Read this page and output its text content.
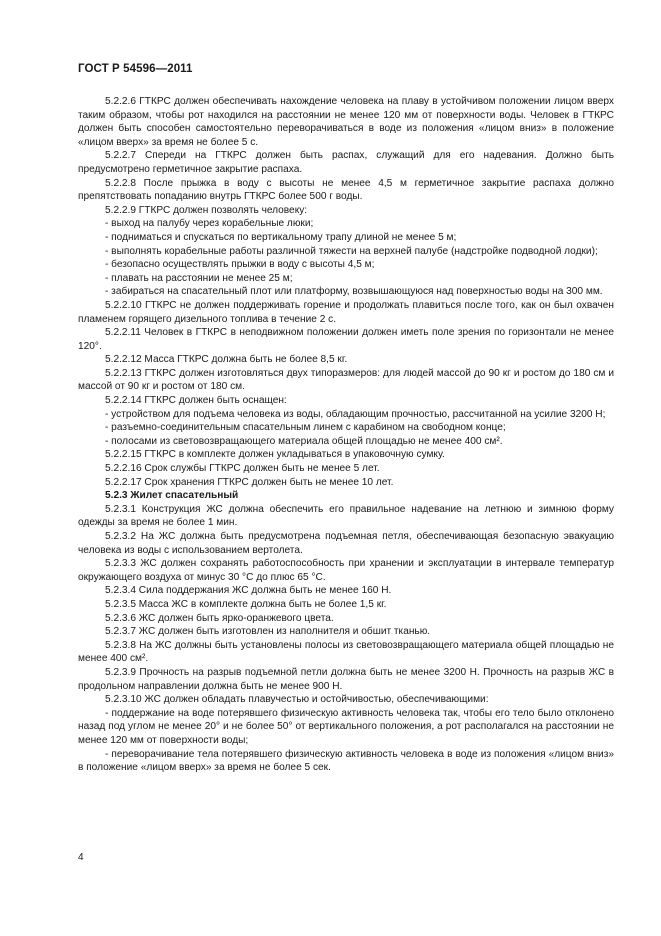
ГОСТ Р 54596—2011

5.2.2.6 ГТКРС должен обеспечивать нахождение человека на плаву в устойчивом положении лицом вверх таким образом, чтобы рот находился на расстоянии не менее 120 мм от поверхности воды. Человек в ГТКРС должен быть способен самостоятельно переворачиваться в воде из положения «лицом вниз» в положение «лицом вверх» за время не более 5 с.

5.2.2.7 Спереди на ГТКРС должен быть распах, служащий для его надевания. Должно быть предусмотрено герметичное закрытие распаха.

5.2.2.8 После прыжка в воду с высоты не менее 4,5 м герметичное закрытие распаха должно препятствовать попаданию внутрь ГТКРС более 500 г воды.

5.2.2.9 ГТКРС должен позволять человеку:

- выход на палубу через корабельные люки;

- подниматься и спускаться по вертикальному трапу длиной не менее 5 м;

- выполнять корабельные работы различной тяжести на верхней палубе (надстройке подводной лодки);

- безопасно осуществлять прыжки в воду с высоты 4,5 м;

- плавать на расстоянии не менее 25 м;

- забираться на спасательный плот или платформу, возвышающуюся над поверхностью воды на 300 мм.

5.2.2.10 ГТКРС не должен поддерживать горение и продолжать плавиться после того, как он был охвачен пламенем горящего дизельного топлива в течение 2 с.

5.2.2.11 Человек в ГТКРС в неподвижном положении должен иметь поле зрения по горизонтали не менее 120°.

5.2.2.12 Масса ГТКРС должна быть не более 8,5 кг.

5.2.2.13 ГТКРС должен изготовляться двух типоразмеров: для людей массой до 90 кг и ростом до 180 см и массой от 90 кг и ростом от 180 см.

5.2.2.14 ГТКРС должен быть оснащен:

- устройством для подъема человека из воды, обладающим прочностью, рассчитанной на усилие 3200 Н;

- разъемно-соединительным спасательным линем с карабином на свободном конце;

- полосами из световозвращающего материала общей площадью не менее 400 см².

5.2.2.15 ГТКРС в комплекте должен укладываться в упаковочную сумку.

5.2.2.16 Срок службы ГТКРС должен быть не менее 5 лет.

5.2.2.17 Срок хранения ГТКРС должен быть не менее 10 лет.

5.2.3 Жилет спасательный

5.2.3.1 Конструкция ЖС должна обеспечить его правильное надевание на летнюю и зимнюю форму одежды за время не более 1 мин.

5.2.3.2 На ЖС должна быть предусмотрена подъемная петля, обеспечивающая безопасную эвакуацию человека из воды с использованием вертолета.

5.2.3.3 ЖС должен сохранять работоспособность при хранении и эксплуатации в интервале температур окружающего воздуха от минус 30 °С до плюс 65 °С.

5.2.3.4 Сила поддержания ЖС должна быть не менее 160 Н.

5.2.3.5 Масса ЖС в комплекте должна быть не более 1,5 кг.

5.2.3.6 ЖС должен быть ярко-оранжевого цвета.

5.2.3.7 ЖС должен быть изготовлен из наполнителя и обшит тканью.

5.2.3.8 На ЖС должны быть установлены полосы из световозвращающего материала общей площадью не менее 400 см².

5.2.3.9 Прочность на разрыв подъемной петли должна быть не менее 3200 Н. Прочность на разрыв ЖС в продольном направлении должна быть не менее 900 Н.

5.2.3.10 ЖС должен обладать плавучестью и остойчивостью, обеспечивающими:

- поддержание на воде потерявшего физическую активность человека так, чтобы его тело было отклонено назад под углом не менее 20° и не более 50° от вертикального положения, а рот располагался на расстоянии не менее 120 мм от поверхности воды;

- переворачивание тела потерявшего физическую активность человека в воде из положения «лицом вниз» в положение «лицом вверх» за время не более 5 сек.

4
